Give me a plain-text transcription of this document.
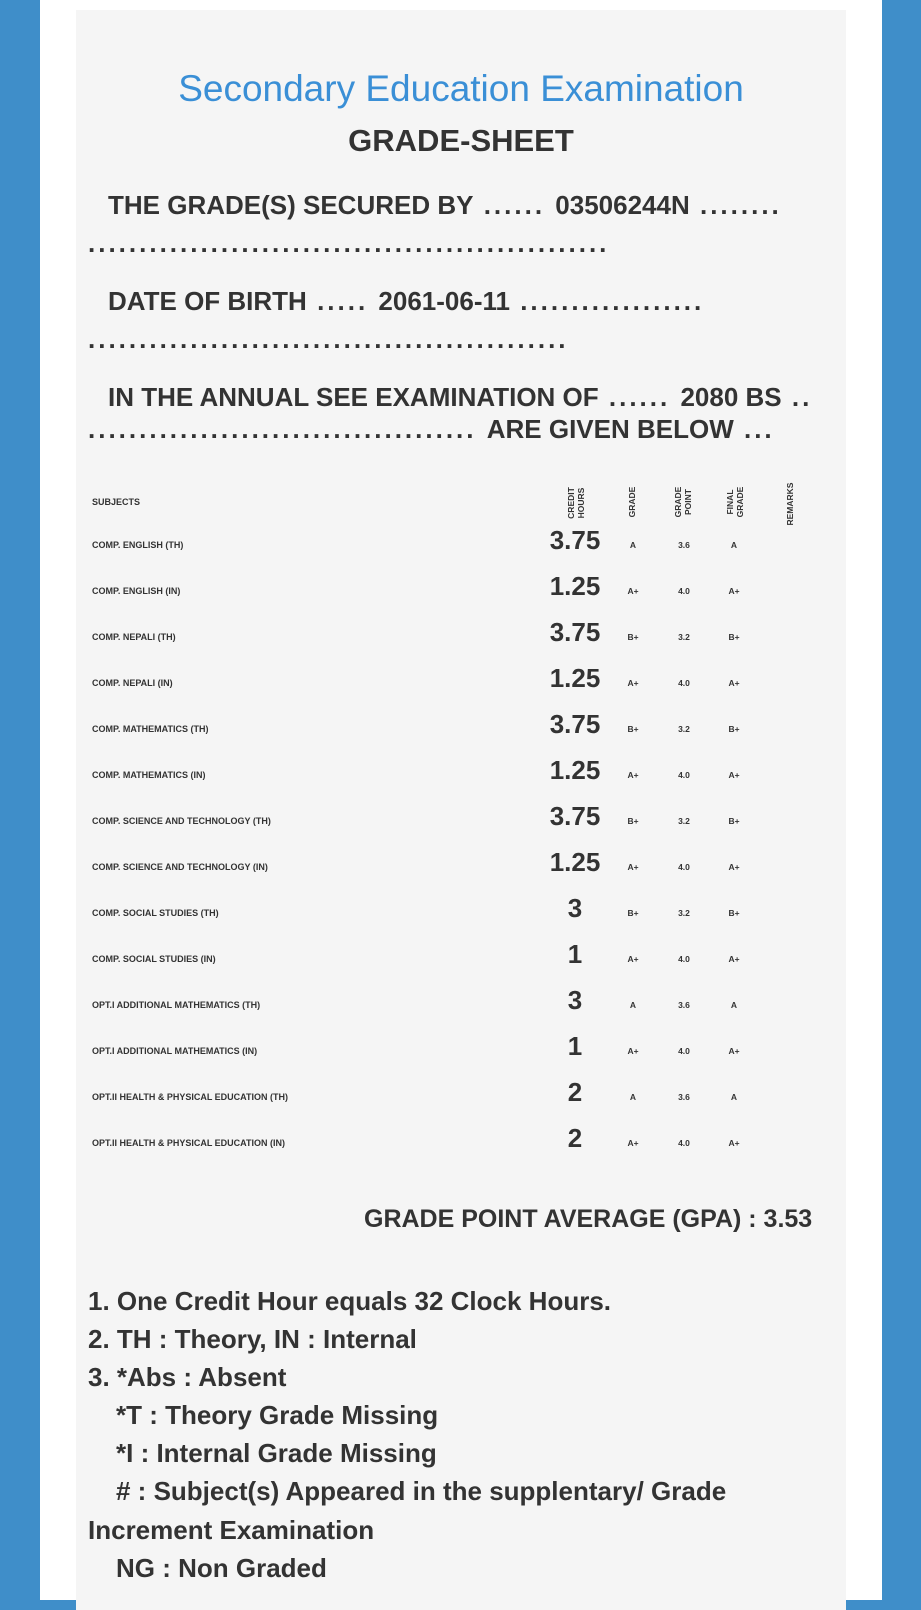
Secondary Education Examination
GRADE-SHEET
THE GRADE(S) SECURED BY ...... 03506244N ........
...................................................
DATE OF BIRTH ..... 2061-06-11 ..................
...............................................
IN THE ANNUAL SEE EXAMINATION OF ...... 2080 BS ..
...................................... ARE GIVEN BELOW ...
SUBJECTS	CREDIT HOURS	GRADE	GRADE POINT	FINAL GRADE	REMARKS
COMP. ENGLISH (TH)	3.75	A	3.6	A
COMP. ENGLISH (IN)	1.25	A+	4.0	A+
COMP. NEPALI (TH)	3.75	B+	3.2	B+
COMP. NEPALI (IN)	1.25	A+	4.0	A+
COMP. MATHEMATICS (TH)	3.75	B+	3.2	B+
COMP. MATHEMATICS (IN)	1.25	A+	4.0	A+
COMP. SCIENCE AND TECHNOLOGY (TH)	3.75	B+	3.2	B+
COMP. SCIENCE AND TECHNOLOGY (IN)	1.25	A+	4.0	A+
COMP. SOCIAL STUDIES (TH)	3	B+	3.2	B+
COMP. SOCIAL STUDIES (IN)	1	A+	4.0	A+
OPT.I ADDITIONAL MATHEMATICS (TH)	3	A	3.6	A
OPT.I ADDITIONAL MATHEMATICS (IN)	1	A+	4.0	A+
OPT.II HEALTH & PHYSICAL EDUCATION (TH)	2	A	3.6	A
OPT.II HEALTH & PHYSICAL EDUCATION (IN)	2	A+	4.0	A+
GRADE POINT AVERAGE (GPA) : 3.53
1. One Credit Hour equals 32 Clock Hours.
2. TH : Theory, IN : Internal
3. *Abs : Absent
*T : Theory Grade Missing
*I : Internal Grade Missing
# : Subject(s) Appeared in the supplentary/ Grade
Increment Examination
NG : Non Graded
